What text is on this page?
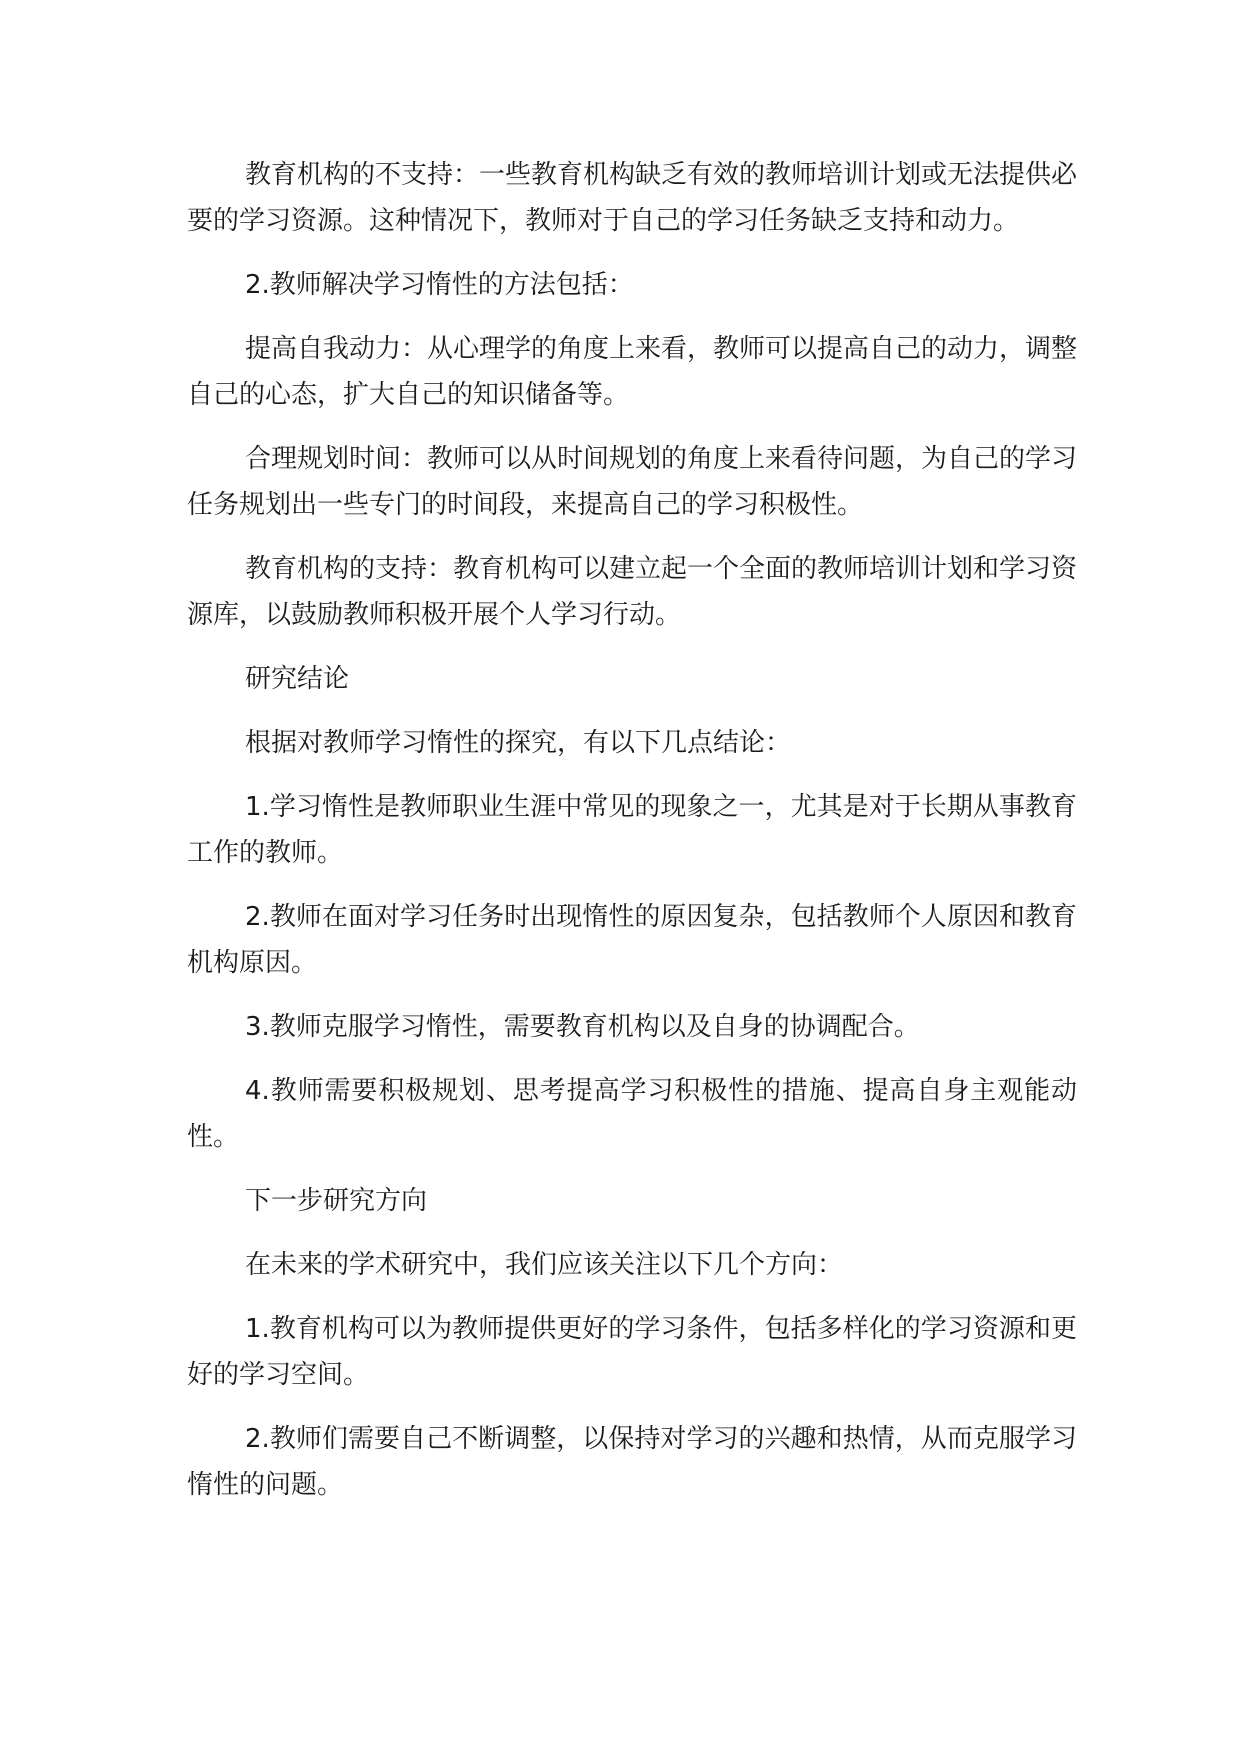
教育机构的不支持：一些教育机构缺乏有效的教师培训计划或无法提供必要的学习资源。这种情况下，教师对于自己的学习任务缺乏支持和动力。

2.教师解决学习惰性的方法包括：

提高自我动力：从心理学的角度上来看，教师可以提高自己的动力，调整自己的心态，扩大自己的知识储备等。

合理规划时间：教师可以从时间规划的角度上来看待问题，为自己的学习任务规划出一些专门的时间段，来提高自己的学习积极性。

教育机构的支持：教育机构可以建立起一个全面的教师培训计划和学习资源库，以鼓励教师积极开展个人学习行动。

研究结论

根据对教师学习惰性的探究，有以下几点结论：

1.学习惰性是教师职业生涯中常见的现象之一，尤其是对于长期从事教育工作的教师。

2.教师在面对学习任务时出现惰性的原因复杂，包括教师个人原因和教育机构原因。

3.教师克服学习惰性，需要教育机构以及自身的协调配合。

4.教师需要积极规划、思考提高学习积极性的措施、提高自身主观能动性。

下一步研究方向

在未来的学术研究中，我们应该关注以下几个方向：

1.教育机构可以为教师提供更好的学习条件，包括多样化的学习资源和更好的学习空间。

2.教师们需要自己不断调整，以保持对学习的兴趣和热情，从而克服学习惰性的问题。
